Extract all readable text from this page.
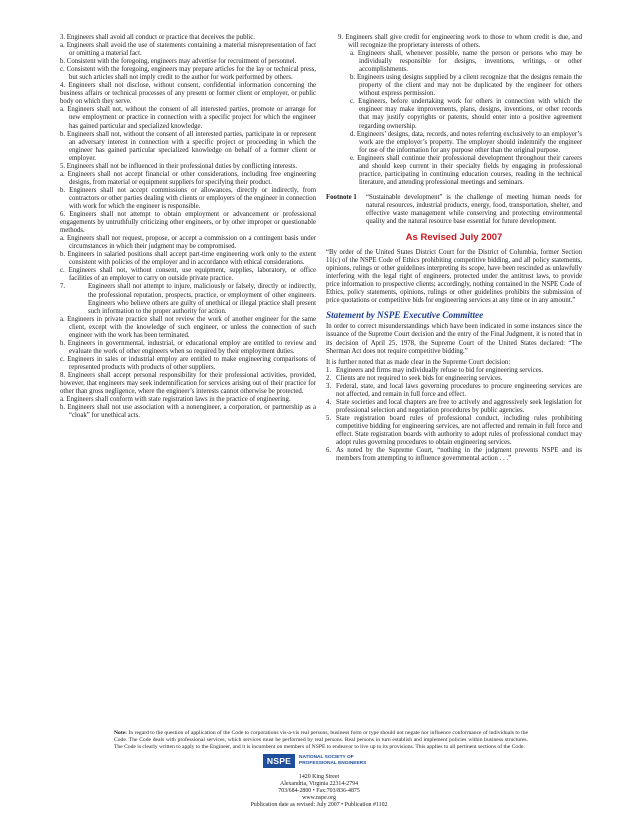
3. Engineers shall avoid all conduct or practice that deceives the public.

a. Engineers shall avoid the use of statements containing a material misrepresentation of fact or omitting a material fact.

b. Consistent with the foregoing, engineers may advertise for recruitment of personnel.

c. Consistent with the foregoing, engineers may prepare articles for the lay or technical press, but such articles shall not imply credit to the author for work performed by others.

4. Engineers shall not disclose, without consent, confidential information concerning the business affairs or technical processes of any present or former client or employer, or public body on which they serve.

a. Engineers shall not, without the consent of all interested parties, promote or arrange for new employment or practice in connection with a specific project for which the engineer has gained particular and specialized knowledge.

b. Engineers shall not, without the consent of all interested parties, participate in or represent an adversary interest in connection with a specific project or proceeding in which the engineer has gained particular specialized knowledge on behalf of a former client or employer.

5. Engineers shall not be influenced in their professional duties by conflicting interests.

a. Engineers shall not accept financial or other considerations, including free engineering designs, from material or equipment suppliers for specifying their product.

b. Engineers shall not accept commissions or allowances, directly or indirectly, from contractors or other parties dealing with clients or employers of the engineer in connection with work for which the engineer is responsible.

6. Engineers shall not attempt to obtain employment or advancement or professional engagements by untruthfully criticizing other engineers, or by other improper or questionable methods.

a. Engineers shall not request, propose, or accept a commission on a contingent basis under circumstances in which their judgment may be compromised.

b. Engineers in salaried positions shall accept part-time engineering work only to the extent consistent with policies of the employer and in accordance with ethical considerations.

c. Engineers shall not, without consent, use equipment, supplies, laboratory, or office facilities of an employer to carry on outside private practice.

7.	Engineers shall not attempt to injure, maliciously or falsely, directly or indirectly, the professional reputation, prospects, practice, or employment of other engineers. Engineers who believe others are guilty of unethical or illegal practice shall present such information to the proper authority for action.

a. Engineers in private practice shall not review the work of another engineer for the same client, except with the knowledge of such engineer, or unless the connection of such engineer with the work has been terminated.

b. Engineers in governmental, industrial, or educational employ are entitled to review and evaluate the work of other engineers when so required by their employment duties.

c. Engineers in sales or industrial employ are entitled to make engineering comparisons of represented products with products of other suppliers.

8. Engineers shall accept personal responsibility for their professional activities, provided, however, that engineers may seek indemnification for services arising out of their practice for other than gross negligence, where the engineer’s interests cannot otherwise be protected.

a. Engineers shall conform with state registration laws in the practice of engineering.

b. Engineers shall not use association with a nonengineer, a corporation, or partnership as a “cloak” for unethical acts.

9. Engineers shall give credit for engineering work to those to whom credit is due, and will recognize the proprietary interests of others.

a. Engineers shall, whenever possible, name the person or persons who may be individually responsible for designs, inventions, writings, or other accomplishments.

b. Engineers using designs supplied by a client recognize that the designs remain the property of the client and may not be duplicated by the engineer for others without express permission.

c. Engineers, before undertaking work for others in connection with which the engineer may make improvements, plans, designs, inventions, or other records that may justify copyrights or patents, should enter into a positive agreement regarding ownership.

d. Engineers’ designs, data, records, and notes referring exclusively to an employer’s work are the employer’s property. The employer should indemnify the engineer for use of the information for any purpose other than the original purpose.

e. Engineers shall continue their professional development throughout their careers and should keep current in their specialty fields by engaging in professional practice, participating in continuing education courses, reading in the technical literature, and attending professional meetings and seminars.

Footnote 1	“Sustainable development” is the challenge of meeting human needs for natural resources, industrial products, energy, food, transportation, shelter, and effective waste management while conserving and protecting environmental quality and the natural resource base essential for future development.

As Revised July 2007

“By order of the United States District Court for the District of Columbia, former Section 11(c) of the NSPE Code of Ethics prohibiting competitive bidding, and all policy statements, opinions, rulings or other guidelines interpreting its scope, have been rescinded as unlawfully interfering with the legal right of engineers, protected under the antitrust laws, to provide price information to prospective clients; accordingly, nothing contained in the NSPE Code of Ethics, policy statements, opinions, rulings or other guidelines prohibits the submission of price quotations or competitive bids for engineering services at any time or in any amount.”

Statement by NSPE Executive Committee

In order to correct misunderstandings which have been indicated in some instances since the issuance of the Supreme Court decision and the entry of the Final Judgment, it is noted that in its decision of April 25, 1978, the Supreme Court of the United States declared: “The Sherman Act does not require competitive bidding.”

It is further noted that as made clear in the Supreme Court decision:

1. Engineers and firms may individually refuse to bid for engineering services.
2. Clients are not required to seek bids for engineering services.
3. Federal, state, and local laws governing procedures to procure engineering services are not affected, and remain in full force and effect.
4. State societies and local chapters are free to actively and aggressively seek legislation for professional selection and negotiation procedures by public agencies.
5. State registration board rules of professional conduct, including rules prohibiting competitive bidding for engineering services, are not affected and remain in full force and effect. State registration boards with authority to adopt rules of professional conduct may adopt rules governing procedures to obtain engineering services.
6. As noted by the Supreme Court, “nothing in the judgment prevents NSPE and its members from attempting to influence governmental action . . .”
Note: In regard to the question of application of the Code to corporations vis-a-vis real persons, business form or type should not negate nor influence conformance of individuals to the Code. The Code deals with professional services, which services must be performed by real persons. Real persons in turn establish and implement policies within business structures. The Code is clearly written to apply to the Engineer, and it is incumbent on members of NSPE to endeavor to live up to its provisions. This applies to all pertinent sections of the Code.
NSPE	NATIONAL SOCIETY OF
PROFESSIONAL ENGINEERS
1420 King Street
Alexandria, Virginia 22314-2794
703/684-2800 • Fax:703/836-4875
www.nspe.org
Publication date as revised: July 2007 • Publication #1102
